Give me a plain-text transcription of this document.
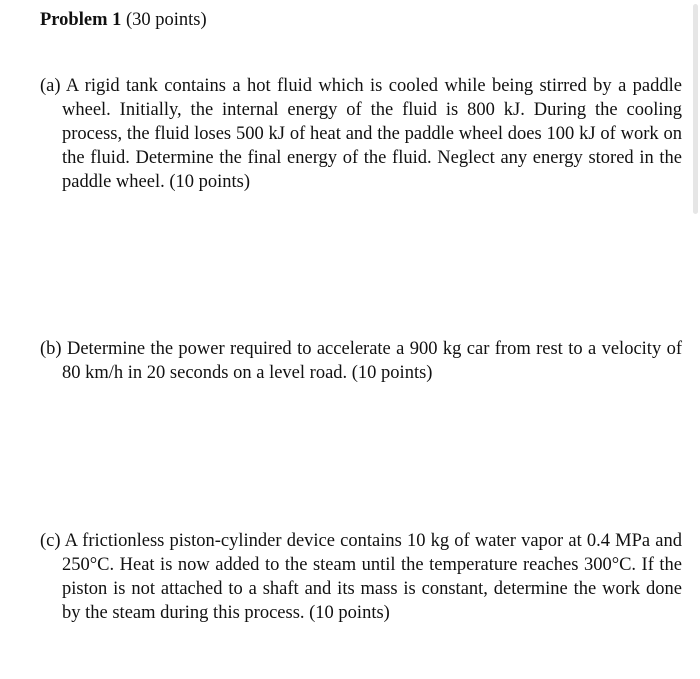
Problem 1 (30 points)

(a) A rigid tank contains a hot fluid which is cooled while being stirred by a paddle wheel. Initially, the internal energy of the fluid is 800 kJ. During the cooling process, the fluid loses 500 kJ of heat and the paddle wheel does 100 kJ of work on the fluid. Determine the final energy of the fluid. Neglect any energy stored in the paddle wheel. (10 points)

(b) Determine the power required to accelerate a 900 kg car from rest to a velocity of 80 km/h in 20 seconds on a level road. (10 points)

(c) A frictionless piston-cylinder device contains 10 kg of water vapor at 0.4 MPa and 250°C. Heat is now added to the steam until the temperature reaches 300°C. If the piston is not attached to a shaft and its mass is constant, determine the work done by the steam during this process. (10 points)
